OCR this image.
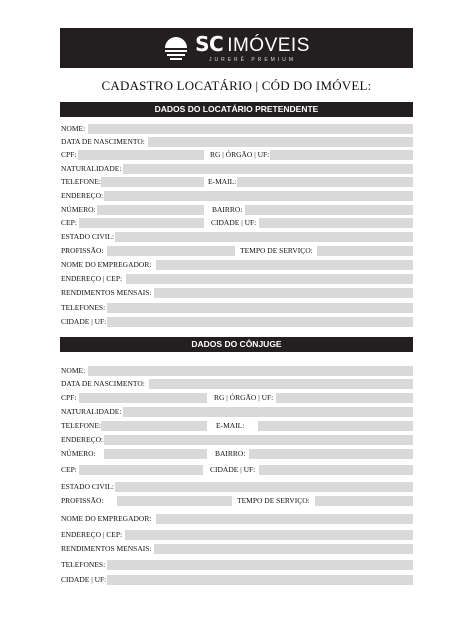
SC IMÓVEIS
JURERÊ PREMIUM
CADASTRO LOCATÁRIO | CÓD DO IMÓVEL:
DADOS DO LOCATÁRIO PRETENDENTE
NOME:
DATA DE NASCIMENTO:
CPF:	RG | ÓRGÃO | UF:
NATURALIDADE:
TELEFONE:	E-MAIL:
ENDEREÇO:
NÚMERO:	BAIRRO:
CEP:	CIDADE | UF:
ESTADO CIVIL:
PROFISSÃO:	TEMPO DE SERVIÇO:
NOME DO EMPREGADOR:
ENDEREÇO | CEP:
RENDIMENTOS MENSAIS:
TELEFONES:
CIDADE | UF:
DADOS DO CÔNJUGE
NOME:
DATA DE NASCIMENTO:
CPF:	RG | ÓRGÃO | UF:
NATURALIDADE:
TELEFONE:	E-MAIL:
ENDEREÇO:
NÚMERO:	BAIRRO:
CEP:	CIDADE | UF:
ESTADO CIVIL:
PROFISSÃO:	TEMPO DE SERVIÇO:
NOME DO EMPREGADOR:
ENDEREÇO | CEP:
RENDIMENTOS MENSAIS:
TELEFONES:
CIDADE | UF:
